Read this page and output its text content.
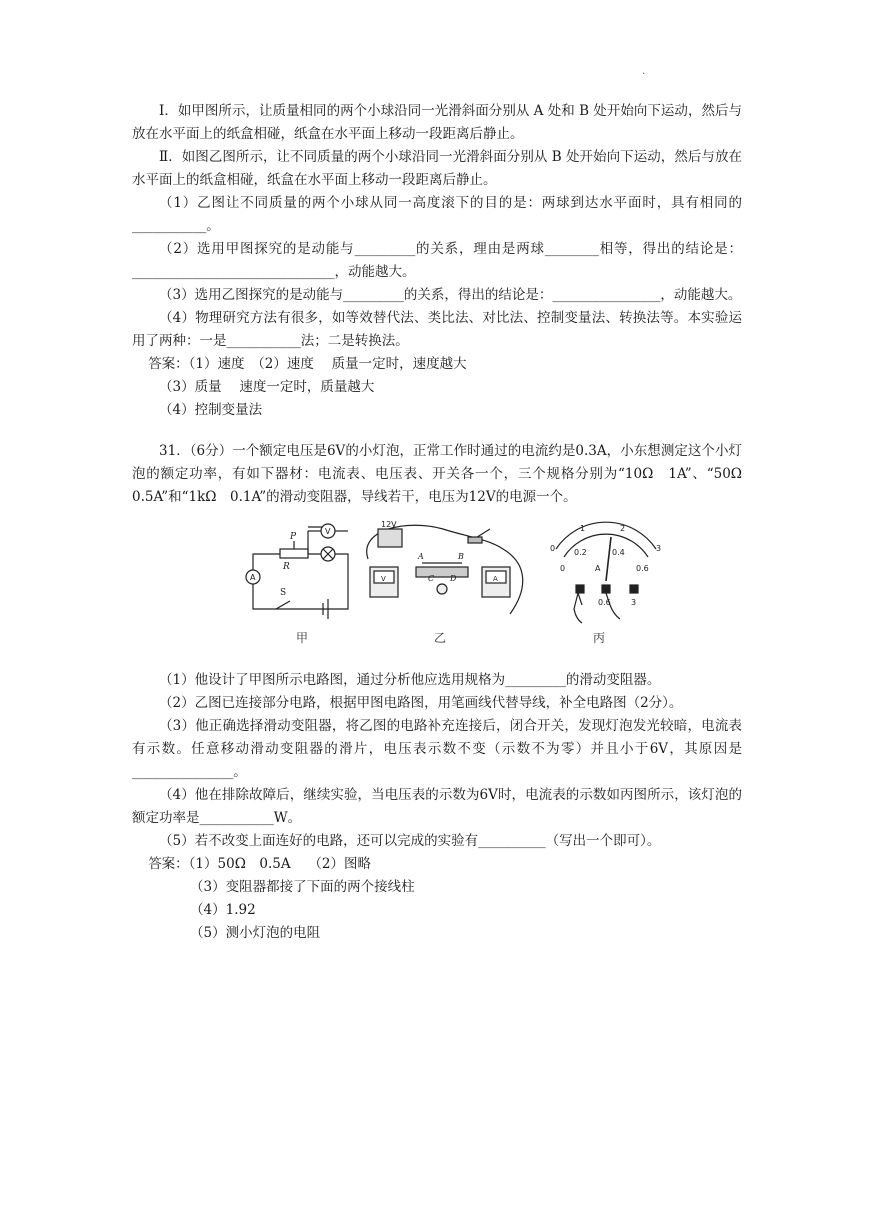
.

Ⅰ．如甲图所示，让质量相同的两个小球沿同一光滑斜面分别从 A 处和 B 处开始向下运动，然后与放在水平面上的纸盒相碰，纸盒在水平面上移动一段距离后静止。

Ⅱ．如图乙图所示，让不同质量的两个小球沿同一光滑斜面分别从 B 处开始向下运动，然后与放在水平面上的纸盒相碰，纸盒在水平面上移动一段距离后静止。

（1）乙图让不同质量的两个小球从同一高度滚下的目的是：两球到达水平面时，具有相同的___________。

（2）选用甲图探究的是动能与_________的关系，理由是两球________相等，得出的结论是：______________________________，动能越大。

（3）选用乙图探究的是动能与_________的关系，得出的结论是：________________，动能越大。

（4）物理研究方法有很多，如等效替代法、类比法、对比法、控制变量法、转换法等。本实验运用了两种：一是___________法；二是转换法。

答案：（1）速度　（2）速度　 质量一定时，速度越大

（3）质量　 速度一定时，质量越大

（4）控制变量法

31．（6分）一个额定电压是6V的小灯泡，正常工作时通过的电流约是0.3A，小东想测定这个小灯泡的额定功率，有如下器材：电流表、电压表、开关各一个，三个规格分别为“10Ω　1A”、“50Ω　0.5A”和“1kΩ　0.1A”的滑动变阻器，导线若干，电压为12V的电源一个。

V
A
P
R
S
12V
A	B
C D
V	A
0
1	2
3
0.2	0.4
0.6
0	A
0.6	3
甲	乙	丙

（1）他设计了甲图所示电路图，通过分析他应选用规格为_________的滑动变阻器。

（2）乙图已连接部分电路，根据甲图电路图，用笔画线代替导线，补全电路图（2分）。

（3）他正确选择滑动变阻器，将乙图的电路补充连接后，闭合开关，发现灯泡发光较暗，电流表有示数。任意移动滑动变阻器的滑片，电压表示数不变（示数不为零）并且小于6V，其原因是_______________。

（4）他在排除故障后，继续实验，当电压表的示数为6V时，电流表的示数如丙图所示，该灯泡的额定功率是___________W。

（5）若不改变上面连好的电路，还可以完成的实验有__________（写出一个即可）。

答案：（1）50Ω　0.5A　 （2）图略

（3）变阻器都接了下面的两个接线柱

（4）1.92

（5）测小灯泡的电阻
